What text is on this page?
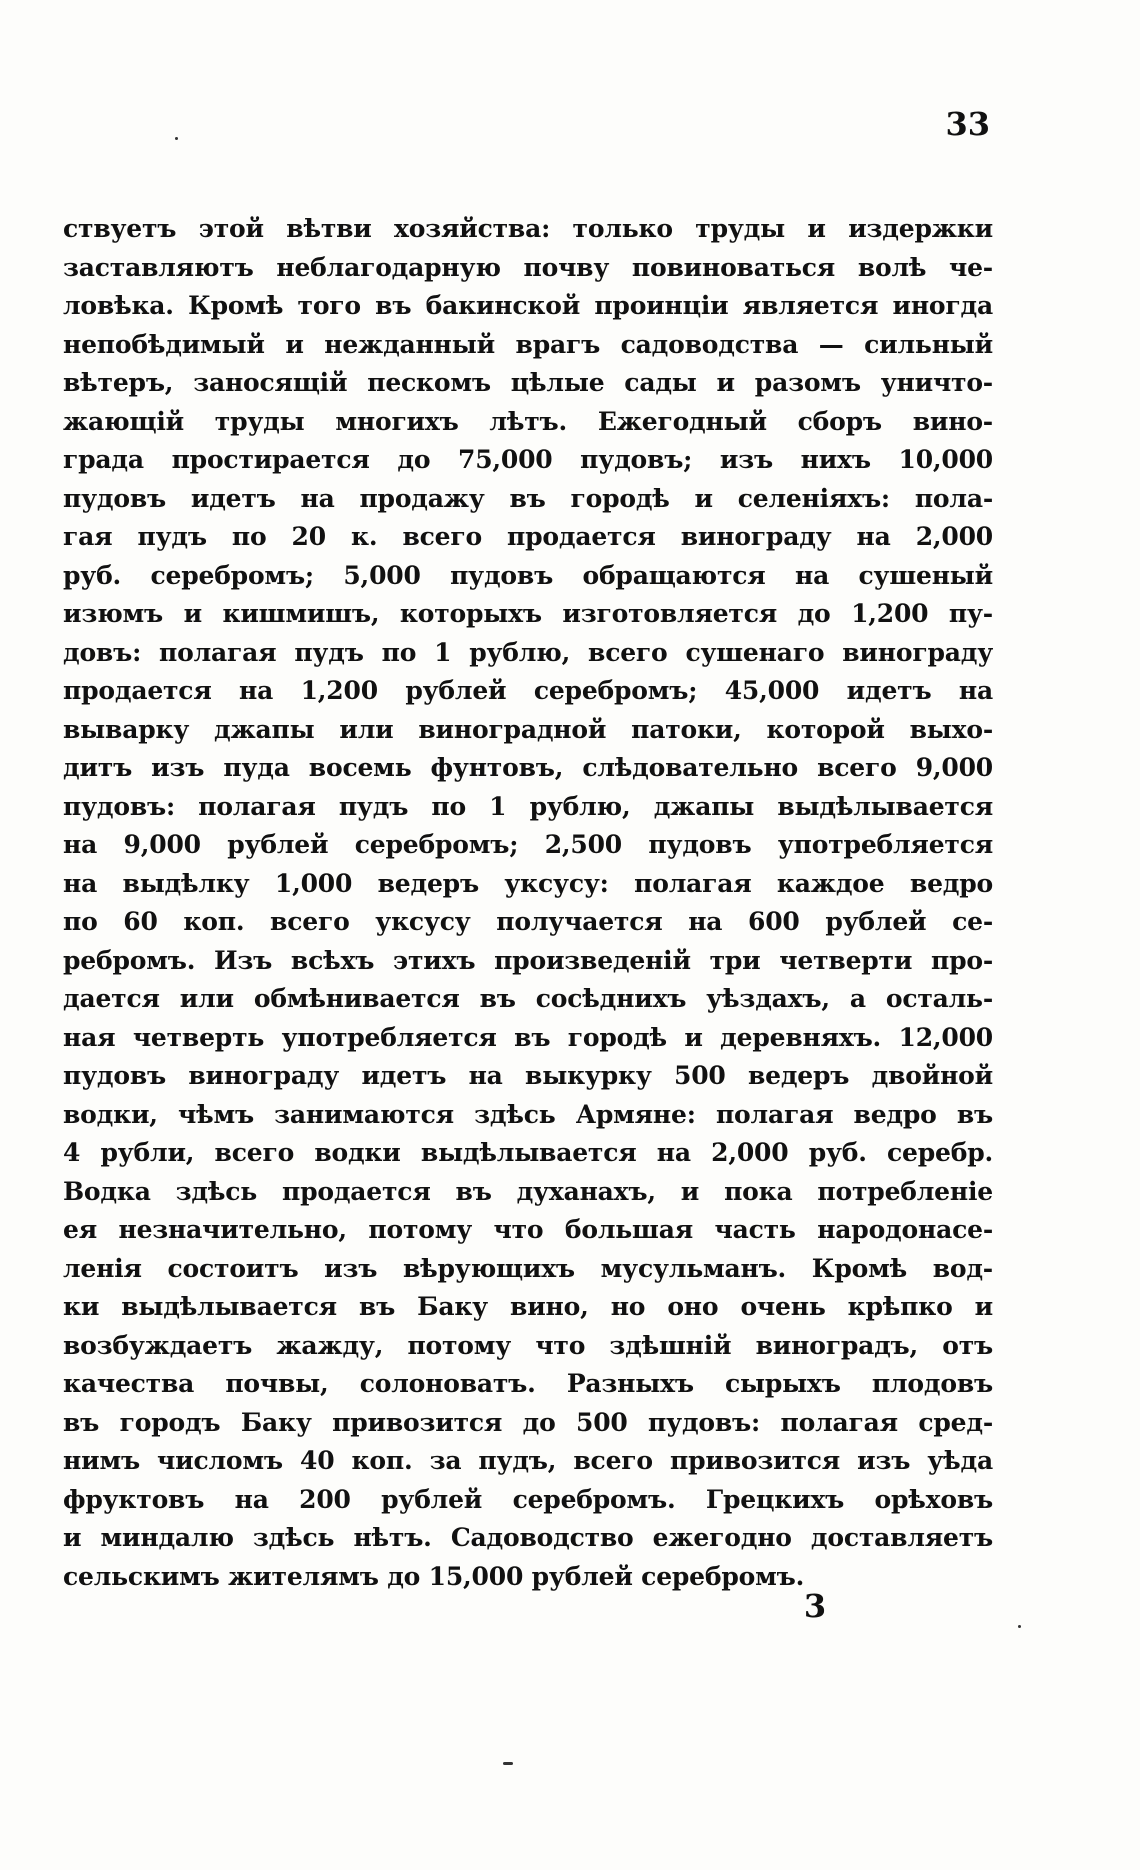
33
ствуетъ этой вѣтви хозяйства: только труды и издержки
заставляютъ неблагодарную почву повиноваться волѣ че-
ловѣка. Кромѣ того въ бакинской проинціи является иногда
непобѣдимый и нежданный врагъ садоводства — сильный
вѣтеръ, заносящій пескомъ цѣлые сады и разомъ уничто-
жающій труды многихъ лѣтъ. Ежегодный сборъ вино-
града простирается до 75,000 пудовъ; изъ нихъ 10,000
пудовъ идетъ на продажу въ городѣ и селеніяхъ: пола-
гая пудъ по 20 к. всего продается винограду на 2,000
руб. серебромъ; 5,000 пудовъ обращаются на сушеный
изюмъ и кишмишъ, которыхъ изготовляется до 1,200 пу-
довъ: полагая пудъ по 1 рублю, всего сушенаго винограду
продается на 1,200 рублей серебромъ; 45,000 идетъ на
выварку джапы или виноградной патоки, которой выхо-
дитъ изъ пуда восемь фунтовъ, слѣдовательно всего 9,000
пудовъ: полагая пудъ по 1 рублю, джапы выдѣлывается
на 9,000 рублей серебромъ; 2,500 пудовъ употребляется
на выдѣлку 1,000 ведеръ уксусу: полагая каждое ведро
по 60 коп. всего уксусу получается на 600 рублей се-
ребромъ. Изъ всѣхъ этихъ произведеній три четверти про-
дается или обмѣнивается въ сосѣднихъ уѣздахъ, а осталь-
ная четверть употребляется въ городѣ и деревняхъ. 12,000
пудовъ винограду идетъ на выкурку 500 ведеръ двойной
водки, чѣмъ занимаются здѣсь Армяне: полагая ведро въ
4 рубли, всего водки выдѣлывается на 2,000 руб. серебр.
Водка здѣсь продается въ духанахъ, и пока потребленіе
ея незначительно, потому что большая часть народонасе-
ленія состоитъ изъ вѣрующихъ мусульманъ. Кромѣ вод-
ки выдѣлывается въ Баку вино, но оно очень крѣпко и
возбуждаетъ жажду, потому что здѣшній виноградъ, отъ
качества почвы, солоноватъ. Разныхъ сырыхъ плодовъ
въ городъ Баку привозится до 500 пудовъ: полагая сред-
нимъ числомъ 40 коп. за пудъ, всего привозится изъ уѣда
фруктовъ на 200 рублей серебромъ. Грецкихъ орѣховъ
и миндалю здѣсь нѣтъ. Садоводство ежегодно доставляетъ
сельскимъ жителямъ до 15,000 рублей серебромъ.
3
